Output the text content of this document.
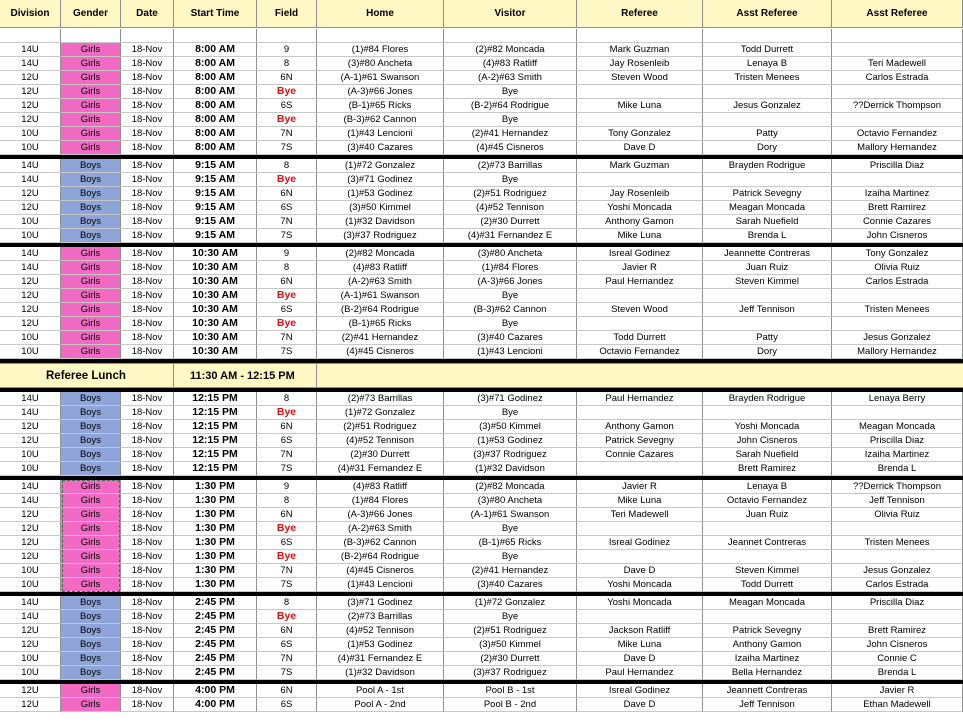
Division	Gender	Date	Start Time	Field	Home	Visitor	Referee	Asst Referee	Asst Referee
14U	Girls	18-Nov	8:00 AM	9	(1)#84 Flores	(2)#82 Moncada	Mark Guzman	Todd Durrett
14U	Girls	18-Nov	8:00 AM	8	(3)#80 Ancheta	(4)#83 Ratliff	Jay Rosenleib	Lenaya B	Teri Madewell
12U	Girls	18-Nov	8:00 AM	6N	(A-1)#61 Swanson	(A-2)#63 Smith	Steven Wood	Tristen Menees	Carlos Estrada
12U	Girls	18-Nov	8:00 AM	Bye	(A-3)#66 Jones	Bye
12U	Girls	18-Nov	8:00 AM	6S	(B-1)#65 Ricks	(B-2)#64 Rodrigue	Mike Luna	Jesus Gonzalez	??Derrick Thompson
12U	Girls	18-Nov	8:00 AM	Bye	(B-3)#62 Cannon	Bye
10U	Girls	18-Nov	8:00 AM	7N	(1)#43 Lencioni	(2)#41 Hernandez	Tony Gonzalez	Patty	Octavio Fernandez
10U	Girls	18-Nov	8:00 AM	7S	(3)#40 Cazares	(4)#45 Cisneros	Dave D	Dory	Mallory Hernandez
14U	Boys	18-Nov	9:15 AM	8	(1)#72 Gonzalez	(2)#73 Barrillas	Mark Guzman	Brayden Rodrigue	Priscilla Diaz
14U	Boys	18-Nov	9:15 AM	Bye	(3)#71 Godinez	Bye
12U	Boys	18-Nov	9:15 AM	6N	(1)#53 Godinez	(2)#51 Rodriguez	Jay Rosenleib	Patrick Sevegny	Izaiha Martinez
12U	Boys	18-Nov	9:15 AM	6S	(3)#50 Kimmel	(4)#52 Tennison	Yoshi Moncada	Meagan Moncada	Brett Ramirez
10U	Boys	18-Nov	9:15 AM	7N	(1)#32 Davidson	(2)#30 Durrett	Anthony Gamon	Sarah Nuefield	Connie Cazares
10U	Boys	18-Nov	9:15 AM	7S	(3)#37 Rodriguez	(4)#31 Fernandez E	Mike Luna	Brenda L	John Cisneros
14U	Girls	18-Nov	10:30 AM	9	(2)#82 Moncada	(3)#80 Ancheta	Isreal Godinez	Jeannette Contreras	Tony Gonzalez
14U	Girls	18-Nov	10:30 AM	8	(4)#83 Ratliff	(1)#84 Flores	Javier R	Juan Ruiz	Olivia Ruiz
12U	Girls	18-Nov	10:30 AM	6N	(A-2)#63 Smith	(A-3)#66 Jones	Paul Hernandez	Steven Kimmel	Carlos Estrada
12U	Girls	18-Nov	10:30 AM	Bye	(A-1)#61 Swanson	Bye
12U	Girls	18-Nov	10:30 AM	6S	(B-2)#64 Rodrigue	(B-3)#62 Cannon	Steven Wood	Jeff Tennison	Tristen Menees
12U	Girls	18-Nov	10:30 AM	Bye	(B-1)#65 Ricks	Bye
10U	Girls	18-Nov	10:30 AM	7N	(2)#41 Hernandez	(3)#40 Cazares	Todd Durrett	Patty	Jesus Gonzalez
10U	Girls	18-Nov	10:30 AM	7S	(4)#45 Cisneros	(1)#43 Lencioni	Octavio Fernandez	Dory	Mallory Hernandez
Referee Lunch	11:30 AM - 12:15 PM
14U	Boys	18-Nov	12:15 PM	8	(2)#73 Barrillas	(3)#71 Godinez	Paul Hernandez	Brayden Rodrigue	Lenaya Berry
14U	Boys	18-Nov	12:15 PM	Bye	(1)#72 Gonzalez	Bye
12U	Boys	18-Nov	12:15 PM	6N	(2)#51 Rodriguez	(3)#50 Kimmel	Anthony Gamon	Yoshi Moncada	Meagan Moncada
12U	Boys	18-Nov	12:15 PM	6S	(4)#52 Tennison	(1)#53 Godinez	Patrick Sevegny	John Cisneros	Priscilla Diaz
10U	Boys	18-Nov	12:15 PM	7N	(2)#30 Durrett	(3)#37 Rodriguez	Connie Cazares	Sarah Nuefield	Izaiha Martinez
10U	Boys	18-Nov	12:15 PM	7S	(4)#31 Fernandez E	(1)#32 Davidson	Brett Ramirez	Brenda L
14U	Girls	18-Nov	1:30 PM	9	(4)#83 Ratliff	(2)#82 Moncada	Javier R	Lenaya B	??Derrick Thompson
14U	Girls	18-Nov	1:30 PM	8	(1)#84 Flores	(3)#80 Ancheta	Mike Luna	Octavio Fernandez	Jeff Tennison
12U	Girls	18-Nov	1:30 PM	6N	(A-3)#66 Jones	(A-1)#61 Swanson	Teri Madewell	Juan Ruiz	Olivia Ruiz
12U	Girls	18-Nov	1:30 PM	Bye	(A-2)#63 Smith	Bye
12U	Girls	18-Nov	1:30 PM	6S	(B-3)#62 Cannon	(B-1)#65 Ricks	Isreal Godinez	Jeannet Contreras	Tristen Menees
12U	Girls	18-Nov	1:30 PM	Bye	(B-2)#64 Rodrigue	Bye
10U	Girls	18-Nov	1:30 PM	7N	(4)#45 Cisneros	(2)#41 Hernandez	Dave D	Steven Kimmel	Jesus Gonzalez
10U	Girls	18-Nov	1:30 PM	7S	(1)#43 Lencioni	(3)#40 Cazares	Yoshi Moncada	Todd Durrett	Carlos Estrada
14U	Boys	18-Nov	2:45 PM	8	(3)#71 Godinez	(1)#72 Gonzalez	Yoshi Moncada	Meagan Moncada	Priscilla Diaz
14U	Boys	18-Nov	2:45 PM	Bye	(2)#73 Barrillas	Bye
12U	Boys	18-Nov	2:45 PM	6N	(4)#52 Tennison	(2)#51 Rodriguez	Jackson Ratliff	Patrick Sevegny	Brett Ramirez
12U	Boys	18-Nov	2:45 PM	6S	(1)#53 Godinez	(3)#50 Kimmel	Mike Luna	Anthony Gamon	John Cisneros
10U	Boys	18-Nov	2:45 PM	7N	(4)#31 Fernandez E	(2)#30 Durrett	Dave D	Izaiha Martinez	Connie C
10U	Boys	18-Nov	2:45 PM	7S	(1)#32 Davidson	(3)#37 Rodriguez	Paul Hernandez	Bella Hernandez	Brenda L
12U	Girls	18-Nov	4:00 PM	6N	Pool A - 1st	Pool B - 1st	Isreal Godinez	Jeannett Contreras	Javier R
12U	Girls	18-Nov	4:00 PM	6S	Pool A - 2nd	Pool B - 2nd	Dave D	Jeff Tennison	Ethan Madewell
